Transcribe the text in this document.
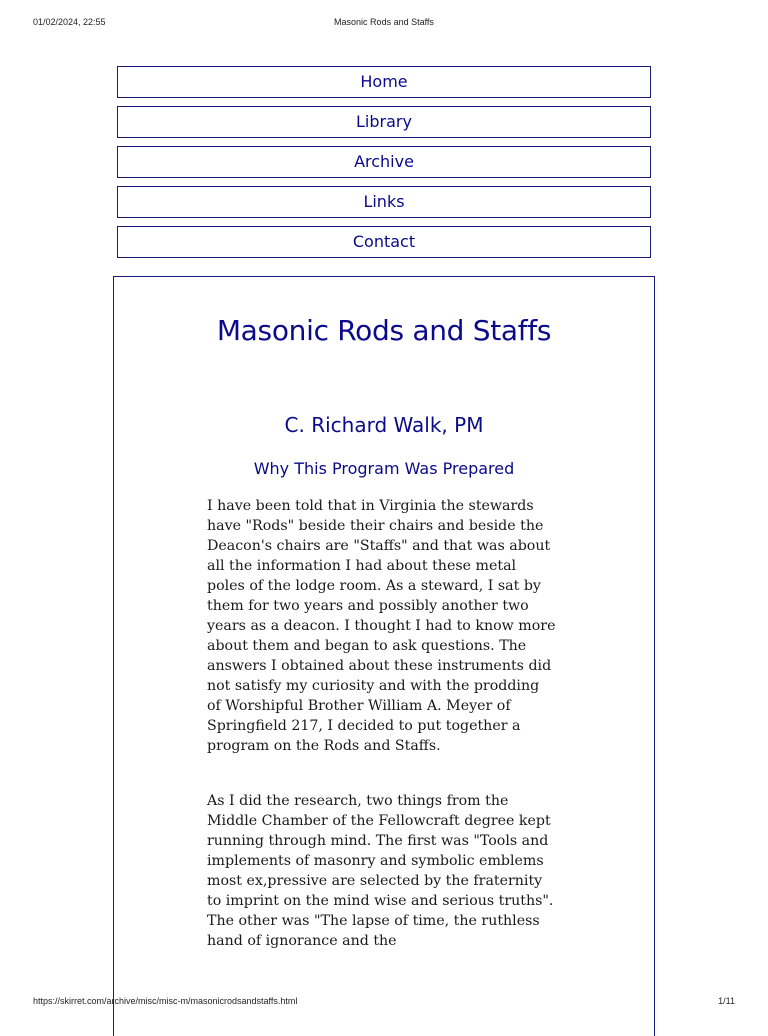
01/02/2024, 22:55	Masonic Rods and Staffs
Home
Library
Archive
Links
Contact
Masonic Rods and Staffs
C. Richard Walk, PM
Why This Program Was Prepared

I have been told that in Virginia the stewards have "Rods" beside their chairs and beside the Deacon's chairs are "Staffs" and that was about all the information I had about these metal poles of the lodge room. As a steward, I sat by them for two years and possibly another two years as a deacon. I thought I had to know more about them and began to ask questions. The answers I obtained about these instruments did not satisfy my curiosity and with the prodding of Worshipful Brother William A. Meyer of Springfield 217, I decided to put together a program on the Rods and Staffs.

As I did the research, two things from the Middle Chamber of the Fellowcraft degree kept running through mind. The first was "Tools and implements of masonry and symbolic emblems most ex,pressive are selected by the fraternity to imprint on the mind wise and serious truths". The other was "The lapse of time, the ruthless hand of ignorance and the

https://skirret.com/archive/misc/misc-m/masonicrodsandstaffs.html	1/11
